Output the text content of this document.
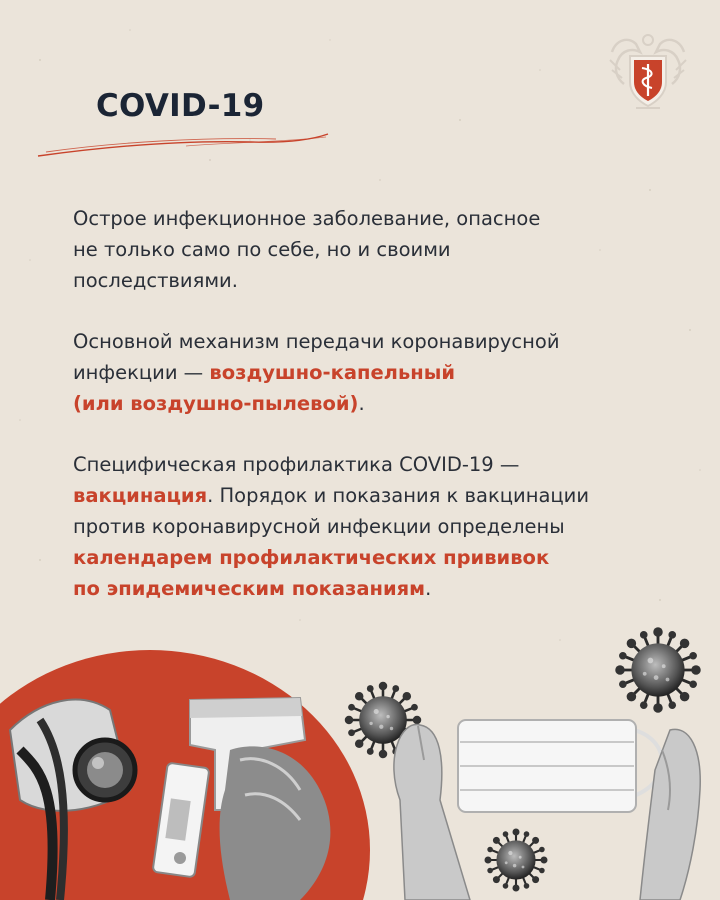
COVID-19

Острое инфекционное заболевание, опасное
не только само по себе, но и своими
последствиями.

Основной механизм передачи коронавирусной
инфекции — воздушно-капельный
(или воздушно-пылевой).

Специфическая профилактика COVID-19 —
вакцинация. Порядок и показания к вакцинации
против коронавирусной инфекции определены
календарем профилактических прививок
по эпидемическим показаниям.
